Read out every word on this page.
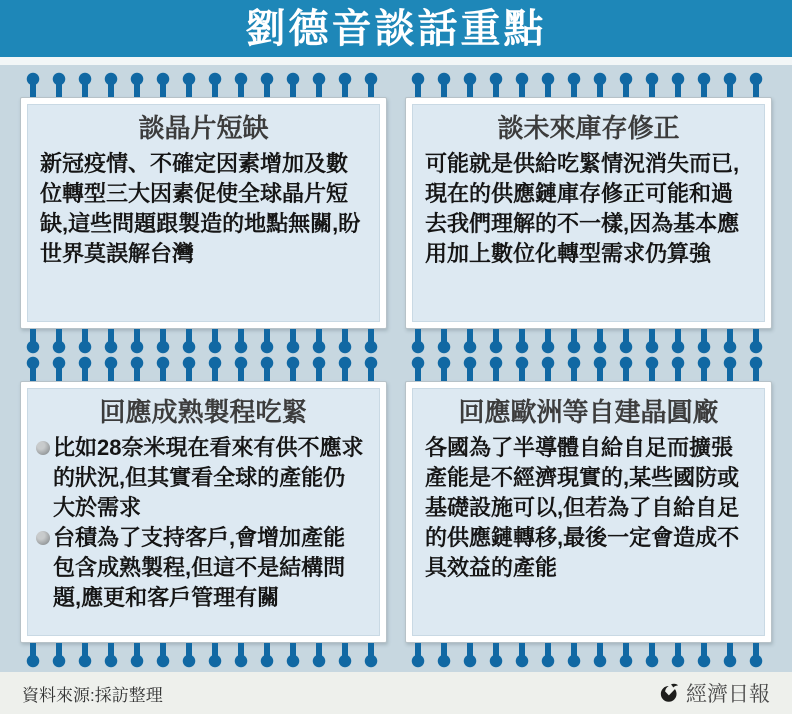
劉德音談話重點
談晶片短缺

新冠疫情、不確定因素增加及數位轉型三大因素促使全球晶片短缺,這些問題跟製造的地點無關,盼世界莫誤解台灣

談未來庫存修正

可能就是供給吃緊情況消失而已,現在的供應鏈庫存修正可能和過去我們理解的不一樣,因為基本應用加上數位化轉型需求仍算強

回應成熟製程吃緊
比如28奈米現在看來有供不應求的狀況,但其實看全球的產能仍大於需求
台積為了支持客戶,會增加產能包含成熟製程,但這不是結構問題,應更和客戶管理有關
回應歐洲等自建晶圓廠

各國為了半導體自給自足而擴張產能是不經濟現實的,某些國防或基礎設施可以,但若為了自給自足的供應鏈轉移,最後一定會造成不具效益的產能

資料來源:採訪整理	經濟日報
